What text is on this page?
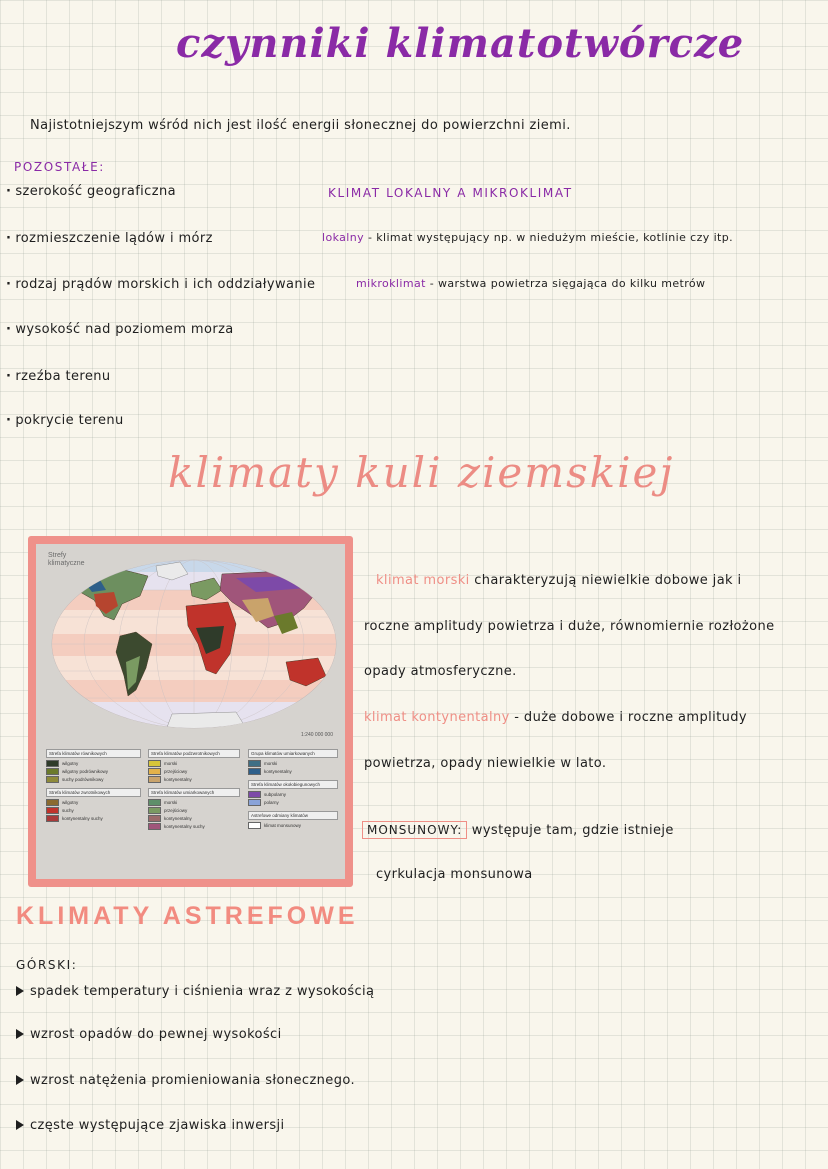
czynniki klimatotwórcze
Najistotniejszym wśród nich jest ilość energii słonecznej do powierzchni ziemi.
POZOSTAŁE:
· szerokość geograficzna
· rozmieszczenie lądów i mórz
· rodzaj prądów morskich i ich oddziaływanie
· wysokość nad poziomem morza
· rzeźba terenu
· pokrycie terenu
KLIMAT LOKALNY A MIKROKLIMAT
lokalny - klimat występujący np. w niedużym mieście, kotlinie czy itp.
mikroklimat - warstwa powietrza sięgająca do kilku metrów
klimaty kuli ziemskiej
Strefy
klimatyczne
1:240 000 000
Strefa klimatów równikowych
wilgotny
wilgotny podrównikowy
suchy podrównikowy
Strefa klimatów zwrotnikowych
wilgotny
suchy
kontynentalny suchy
Strefa klimatów podzwrotnikowych
morski
przejściowy
kontynentalny
Strefa klimatów umiarkowanych
morski
przejściowy
kontynentalny
kontynentalny suchy
Grupa klimatów umiarkowanych
morski
kontynentalny
Strefa klimatów okołobiegunowych
subpolarny
polarny
Astrefowe odmiany klimatów
klimat monsunowy
klimat morski charakteryzują niewielkie dobowe jak i
roczne amplitudy powietrza i duże, równomiernie rozłożone
opady atmosferyczne.
klimat kontynentalny - duże dobowe i roczne amplitudy
powietrza, opady niewielkie w lato.
MONSUNOWY: występuje tam, gdzie istnieje
cyrkulacja monsunowa
KLIMATY ASTREFOWE
GÓRSKI:
spadek temperatury i ciśnienia wraz z wysokością
wzrost opadów do pewnej wysokości
wzrost natężenia promieniowania słonecznego.
częste występujące zjawiska inwersji
